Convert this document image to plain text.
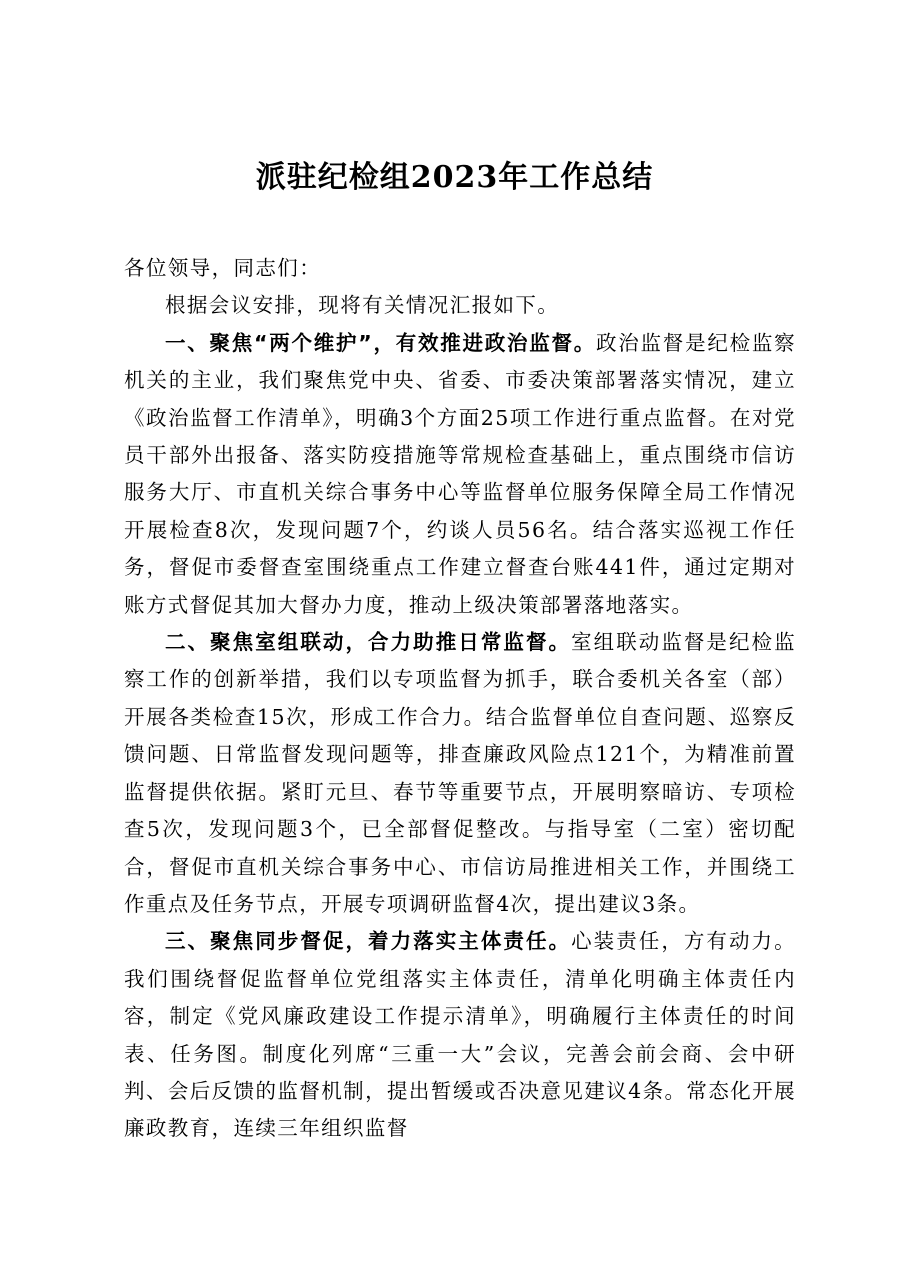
派驻纪检组2023年工作总结

各位领导，同志们：

根据会议安排，现将有关情况汇报如下。

一、聚焦“两个维护”，有效推进政治监督。政治监督是纪检监察机关的主业，我们聚焦党中央、省委、市委决策部署落实情况，建立《政治监督工作清单》，明确3个方面25项工作进行重点监督。在对党员干部外出报备、落实防疫措施等常规检查基础上，重点围绕市信访服务大厅、市直机关综合事务中心等监督单位服务保障全局工作情况开展检查8次，发现问题7个，约谈人员56名。结合落实巡视工作任务，督促市委督查室围绕重点工作建立督查台账441件，通过定期对账方式督促其加大督办力度，推动上级决策部署落地落实。

二、聚焦室组联动，合力助推日常监督。室组联动监督是纪检监察工作的创新举措，我们以专项监督为抓手，联合委机关各室（部）开展各类检查15次，形成工作合力。结合监督单位自查问题、巡察反馈问题、日常监督发现问题等，排查廉政风险点121个，为精准前置监督提供依据。紧盯元旦、春节等重要节点，开展明察暗访、专项检查5次，发现问题3个，已全部督促整改。与指导室（二室）密切配合，督促市直机关综合事务中心、市信访局推进相关工作，并围绕工作重点及任务节点，开展专项调研监督4次，提出建议3条。

三、聚焦同步督促，着力落实主体责任。心装责任，方有动力。我们围绕督促监督单位党组落实主体责任，清单化明确主体责任内容，制定《党风廉政建设工作提示清单》，明确履行主体责任的时间表、任务图。制度化列席“三重一大”会议，完善会前会商、会中研判、会后反馈的监督机制，提出暂缓或否决意见建议4条。常态化开展廉政教育，连续三年组织监督
